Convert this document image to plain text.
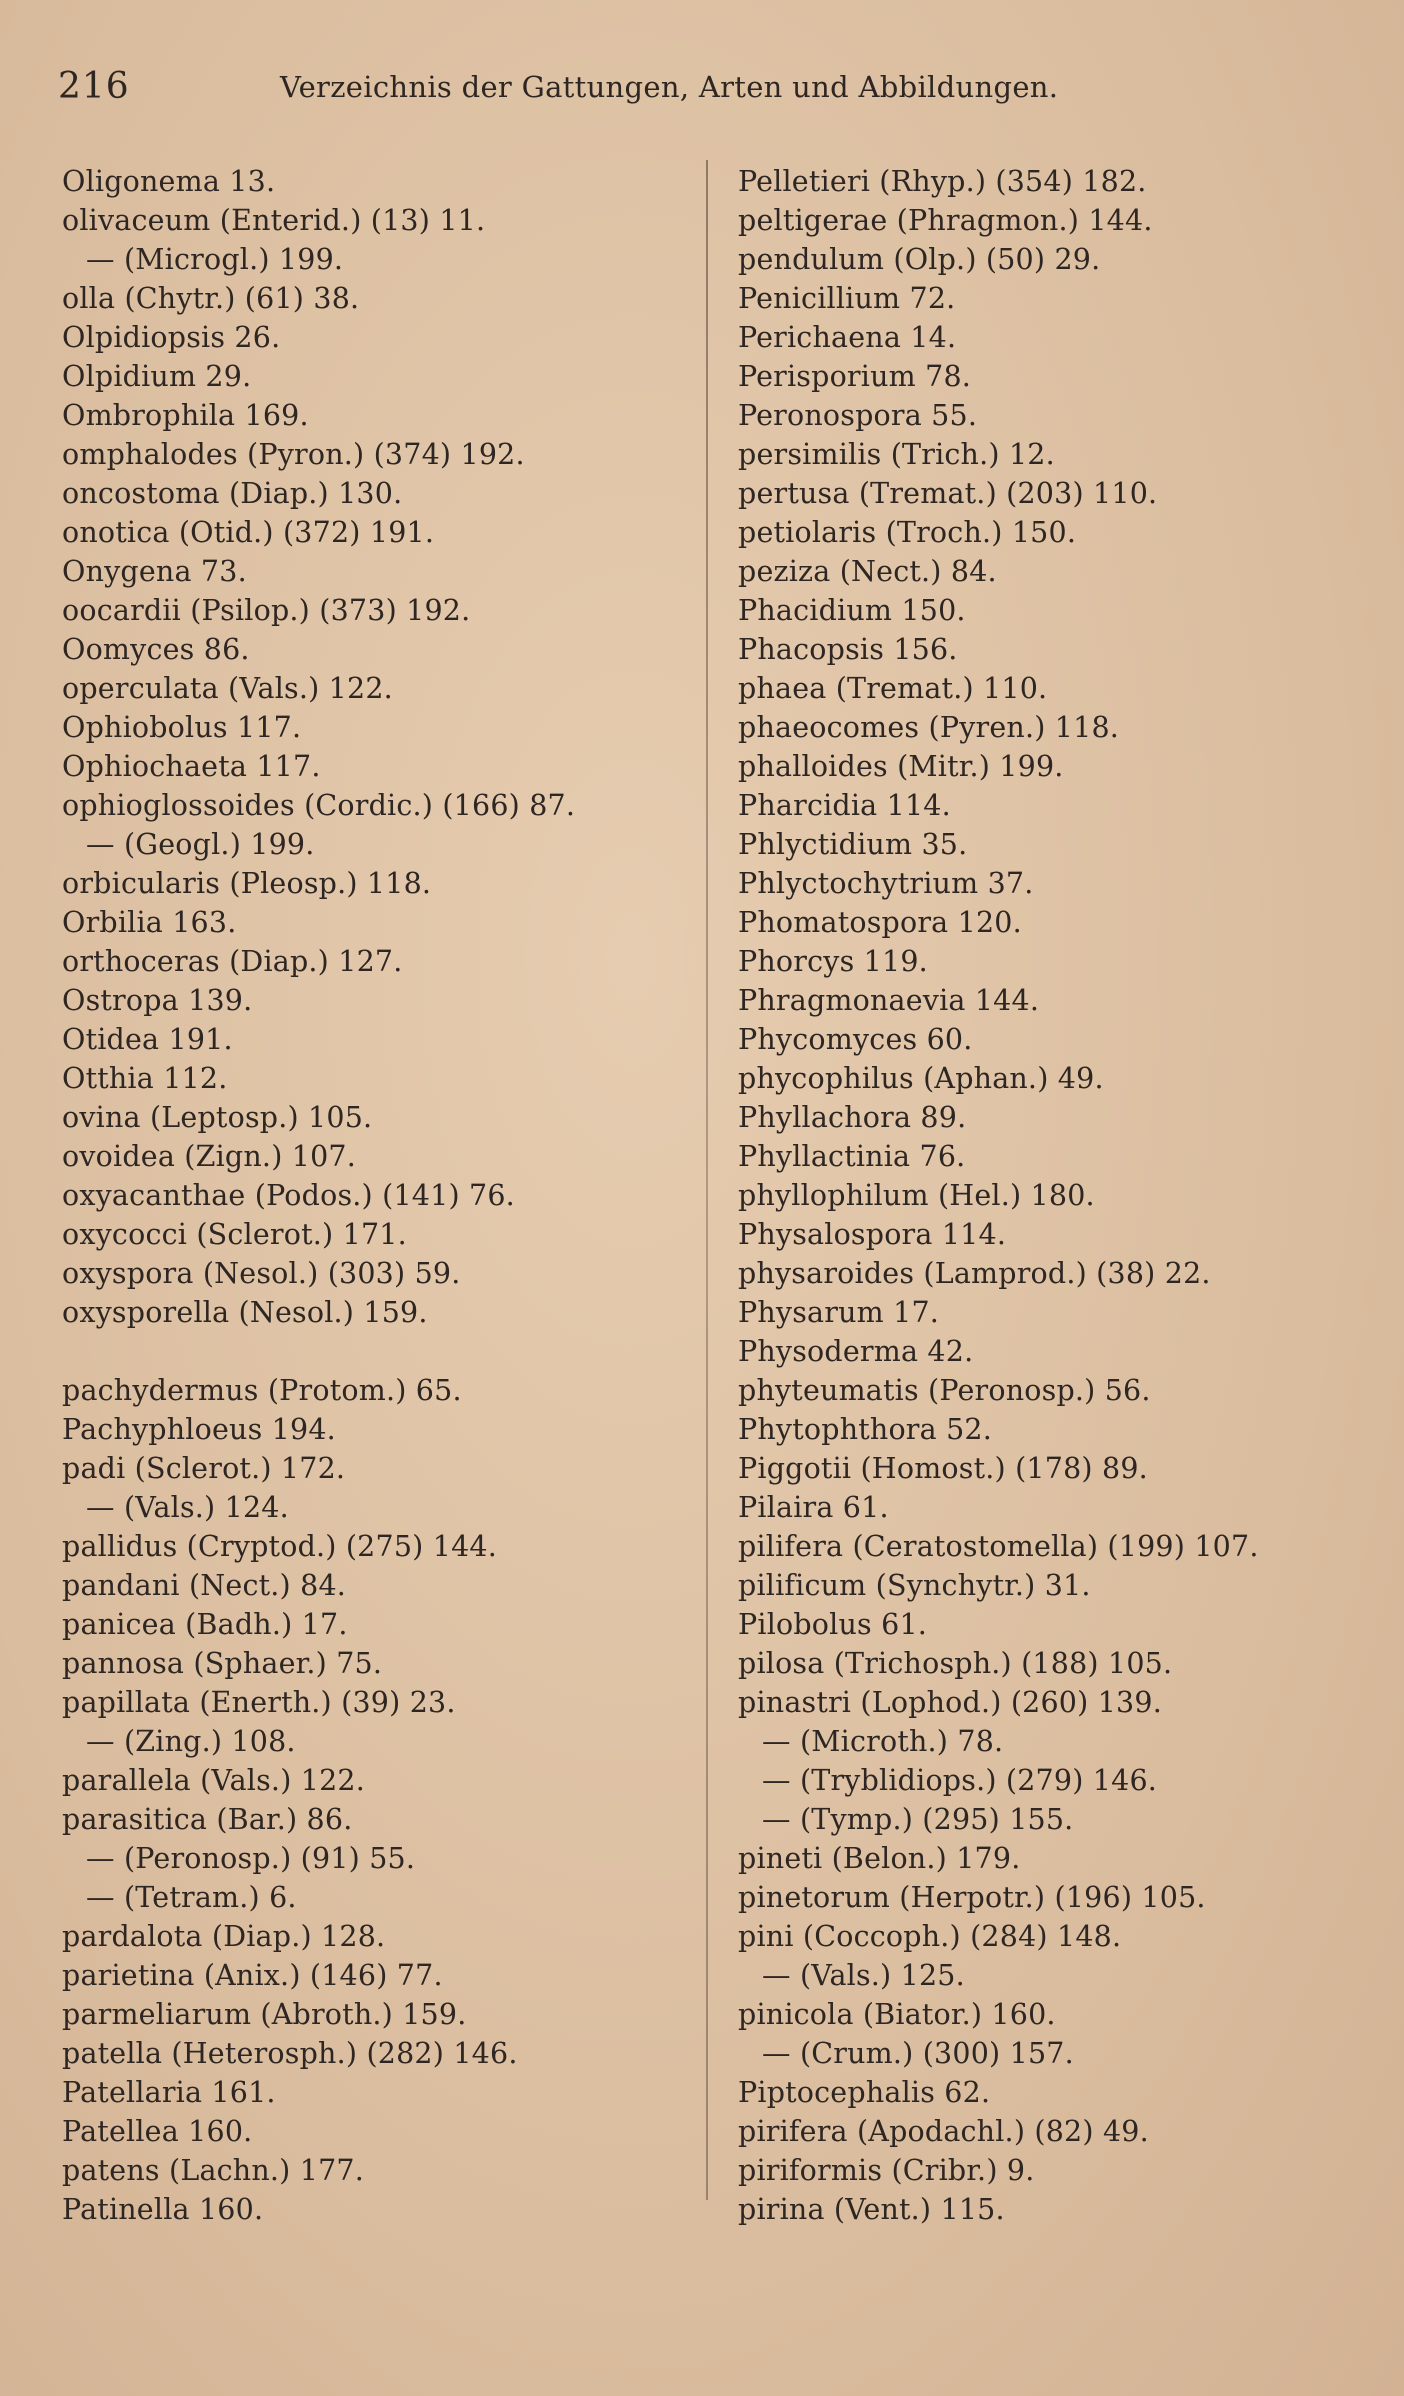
216	Verzeichnis der Gattungen, Arten und Abbildungen.
Oligonema 13.
olivaceum (Enterid.) (13) 11.
— (Microgl.) 199.
olla (Chytr.) (61) 38.
Olpidiopsis 26.
Olpidium 29.
Ombrophila 169.
omphalodes (Pyron.) (374) 192.
oncostoma (Diap.) 130.
onotica (Otid.) (372) 191.
Onygena 73.
oocardii (Psilop.) (373) 192.
Oomyces 86.
operculata (Vals.) 122.
Ophiobolus 117.
Ophiochaeta 117.
ophioglossoides (Cordic.) (166) 87.
— (Geogl.) 199.
orbicularis (Pleosp.) 118.
Orbilia 163.
orthoceras (Diap.) 127.
Ostropa 139.
Otidea 191.
Otthia 112.
ovina (Leptosp.) 105.
ovoidea (Zign.) 107.
oxyacanthae (Podos.) (141) 76.
oxycocci (Sclerot.) 171.
oxyspora (Nesol.) (303) 59.
oxysporella (Nesol.) 159.
pachydermus (Protom.) 65.
Pachyphloeus 194.
padi (Sclerot.) 172.
— (Vals.) 124.
pallidus (Cryptod.) (275) 144.
pandani (Nect.) 84.
panicea (Badh.) 17.
pannosa (Sphaer.) 75.
papillata (Enerth.) (39) 23.
— (Zing.) 108.
parallela (Vals.) 122.
parasitica (Bar.) 86.
— (Peronosp.) (91) 55.
— (Tetram.) 6.
pardalota (Diap.) 128.
parietina (Anix.) (146) 77.
parmeliarum (Abroth.) 159.
patella (Heterosph.) (282) 146.
Patellaria 161.
Patellea 160.
patens (Lachn.) 177.
Patinella 160.
Pelletieri (Rhyp.) (354) 182.
peltigerae (Phragmon.) 144.
pendulum (Olp.) (50) 29.
Penicillium 72.
Perichaena 14.
Perisporium 78.
Peronospora 55.
persimilis (Trich.) 12.
pertusa (Tremat.) (203) 110.
petiolaris (Troch.) 150.
peziza (Nect.) 84.
Phacidium 150.
Phacopsis 156.
phaea (Tremat.) 110.
phaeocomes (Pyren.) 118.
phalloides (Mitr.) 199.
Pharcidia 114.
Phlyctidium 35.
Phlyctochytrium 37.
Phomatospora 120.
Phorcys 119.
Phragmonaevia 144.
Phycomyces 60.
phycophilus (Aphan.) 49.
Phyllachora 89.
Phyllactinia 76.
phyllophilum (Hel.) 180.
Physalospora 114.
physaroides (Lamprod.) (38) 22.
Physarum 17.
Physoderma 42.
phyteumatis (Peronosp.) 56.
Phytophthora 52.
Piggotii (Homost.) (178) 89.
Pilaira 61.
pilifera (Ceratostomella) (199) 107.
pilificum (Synchytr.) 31.
Pilobolus 61.
pilosa (Trichosph.) (188) 105.
pinastri (Lophod.) (260) 139.
— (Microth.) 78.
— (Tryblidiops.) (279) 146.
— (Tymp.) (295) 155.
pineti (Belon.) 179.
pinetorum (Herpotr.) (196) 105.
pini (Coccoph.) (284) 148.
— (Vals.) 125.
pinicola (Biator.) 160.
— (Crum.) (300) 157.
Piptocephalis 62.
pirifera (Apodachl.) (82) 49.
piriformis (Cribr.) 9.
pirina (Vent.) 115.
